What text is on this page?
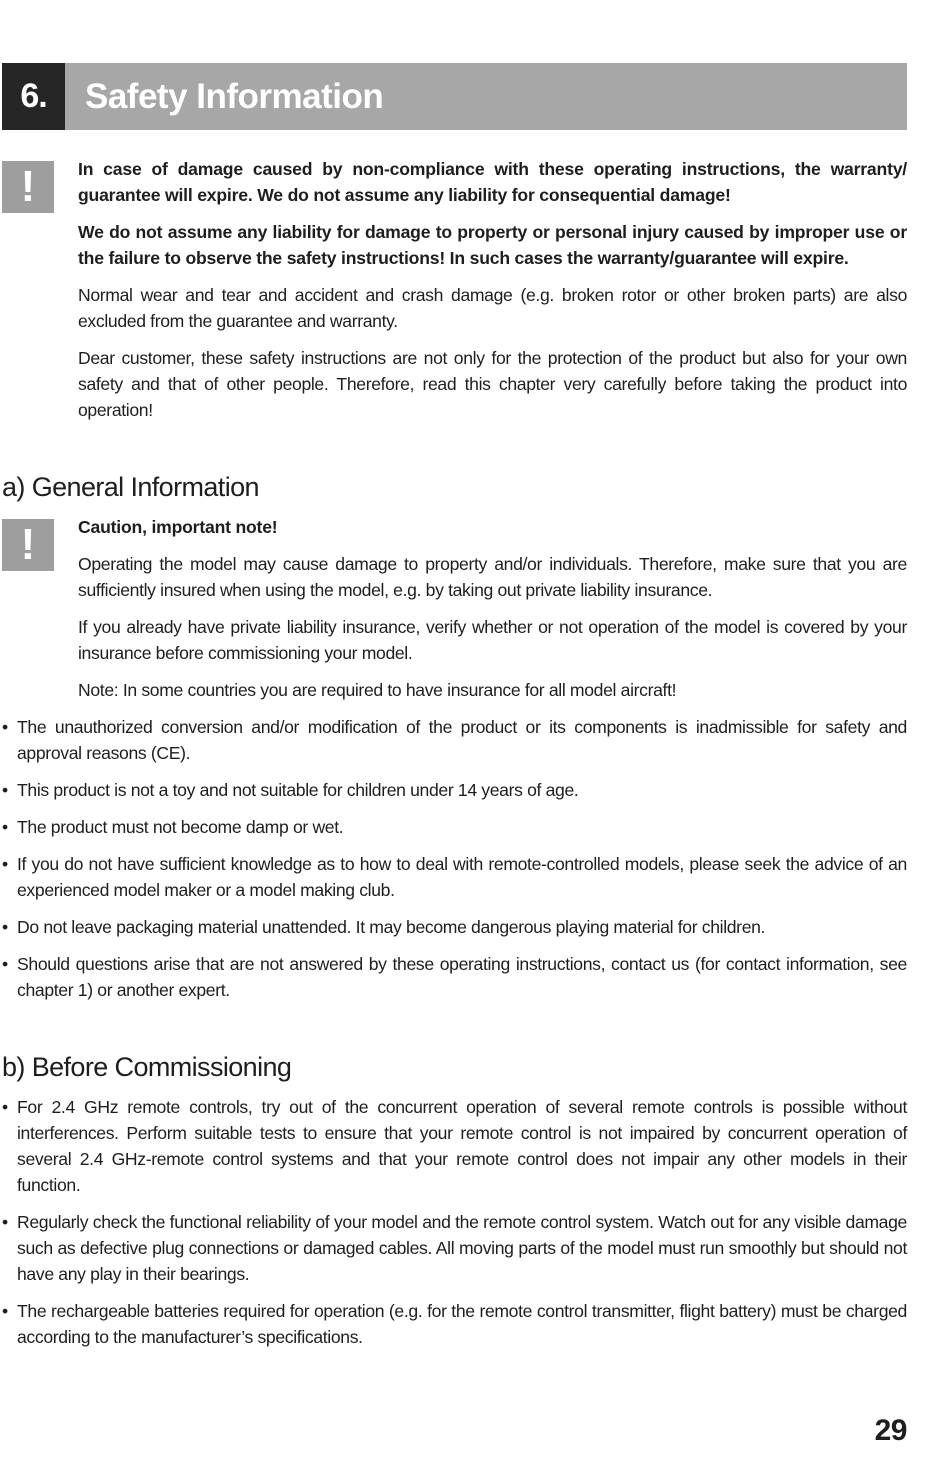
6.	Safety Information
! In case of damage caused by non-compliance with these operating instructions, the warranty/ guarantee will expire. We do not assume any liability for consequential damage!

We do not assume any liability for damage to property or personal injury caused by improper use or the failure to observe the safety instructions! In such cases the warranty/guarantee will expire.

Normal wear and tear and accident and crash damage (e.g. broken rotor or other broken parts) are also excluded from the guarantee and warranty.

Dear customer, these safety instructions are not only for the protection of the product but also for your own safety and that of other people. Therefore, read this chapter very carefully before taking the product into operation!

a) General Information
! Caution, important note!

Operating the model may cause damage to property and/or individuals. Therefore, make sure that you are sufficiently insured when using the model, e.g. by taking out private liability insurance.

If you already have private liability insurance, verify whether or not operation of the model is covered by your insurance before commissioning your model.

Note: In some countries you are required to have insurance for all model aircraft!

• The unauthorized conversion and/or modification of the product or its components is inadmissible for safety and approval reasons (CE).
• This product is not a toy and not suitable for children under 14 years of age.
• The product must not become damp or wet.
• If you do not have sufficient knowledge as to how to deal with remote-controlled models, please seek the advice of an experienced model maker or a model making club.
• Do not leave packaging material unattended. It may become dangerous playing material for children.
• Should questions arise that are not answered by these operating instructions, contact us (for contact information, see chapter 1) or another expert.
b) Before Commissioning
• For 2.4 GHz remote controls, try out of the concurrent operation of several remote controls is possible without interferences. Perform suitable tests to ensure that your remote control is not impaired by concurrent operation of several 2.4 GHz-remote control systems and that your remote control does not impair any other models in their function.
• Regularly check the functional reliability of your model and the remote control system. Watch out for any visible damage such as defective plug connections or damaged cables. All moving parts of the model must run smoothly but should not have any play in their bearings.
• The rechargeable batteries required for operation (e.g. for the remote control transmitter, flight battery) must be charged according to the manufacturer’s specifications.
29
